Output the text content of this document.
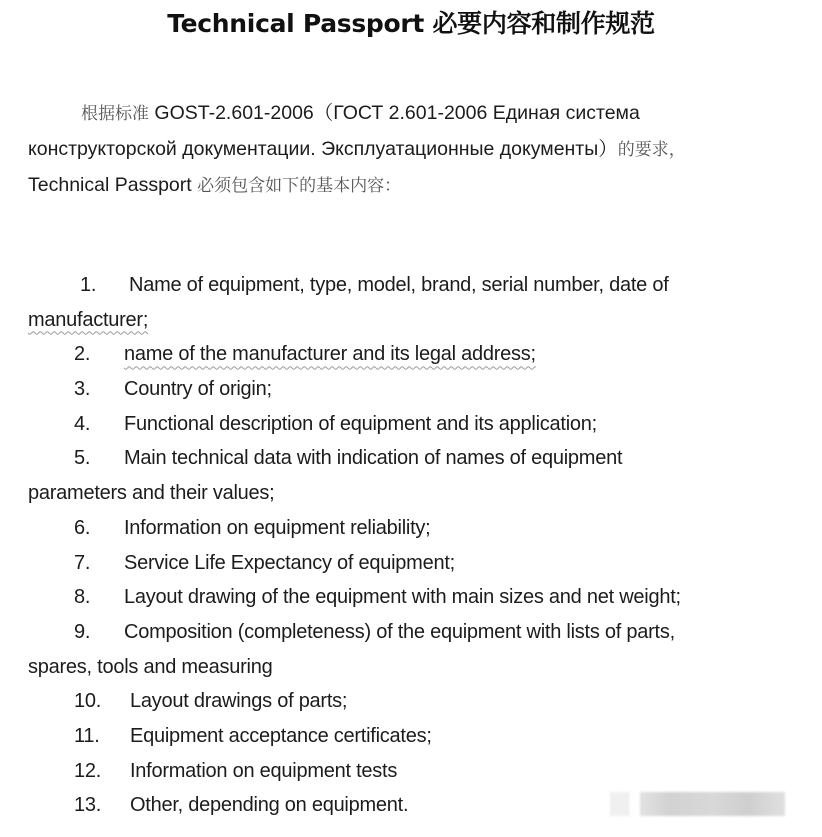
Technical Passport 必要内容和制作规范
根据标准 GOST-2.601-2006（ГОСТ 2.601-2006 Единая система
конструкторской документации. Эксплуатационные документы）的要求，
Technical Passport 必须包含如下的基本内容：
1. Name of equipment, type, model, brand, serial number, date of
manufacturer;
2. name of the manufacturer and its legal address;
3. Country of origin;
4. Functional description of equipment and its application;
5. Main technical data with indication of names of equipment
parameters and their values;
6. Information on equipment reliability;
7. Service Life Expectancy of equipment;
8. Layout drawing of the equipment with main sizes and net weight;
9. Composition (completeness) of the equipment with lists of parts,
spares, tools and measuring
10. Layout drawings of parts;
11. Equipment acceptance certificates;
12. Information on equipment tests
13. Other, depending on equipment.
